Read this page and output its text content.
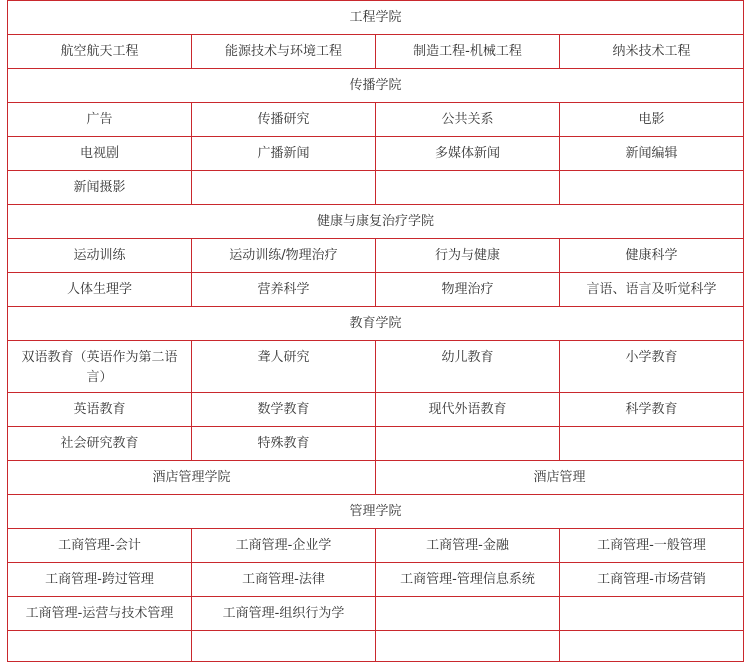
工程学院			
航空航天工程	能源技术与环境工程	制造工程-机械工程	纳米技术工程
传播学院			
广告	传播研究	公共关系	电影
电视剧	广播新闻	多媒体新闻	新闻编辑
新闻摄影			
健康与康复治疗学院			
运动训练	运动训练/物理治疗	行为与健康	健康科学
人体生理学	营养科学	物理治疗	言语、语言及听觉科学
教育学院			
双语教育（英语作为第二语言）	聋人研究	幼儿教育	小学教育
英语教育	数学教育	现代外语教育	科学教育
社会研究教育	特殊教育		
酒店管理学院		酒店管理	
管理学院			
工商管理-会计	工商管理-企业学	工商管理-金融	工商管理-一般管理
工商管理-跨过管理	工商管理-法律	工商管理-管理信息系统	工商管理-市场营销
工商管理-运营与技术管理	工商管理-组织行为学		
